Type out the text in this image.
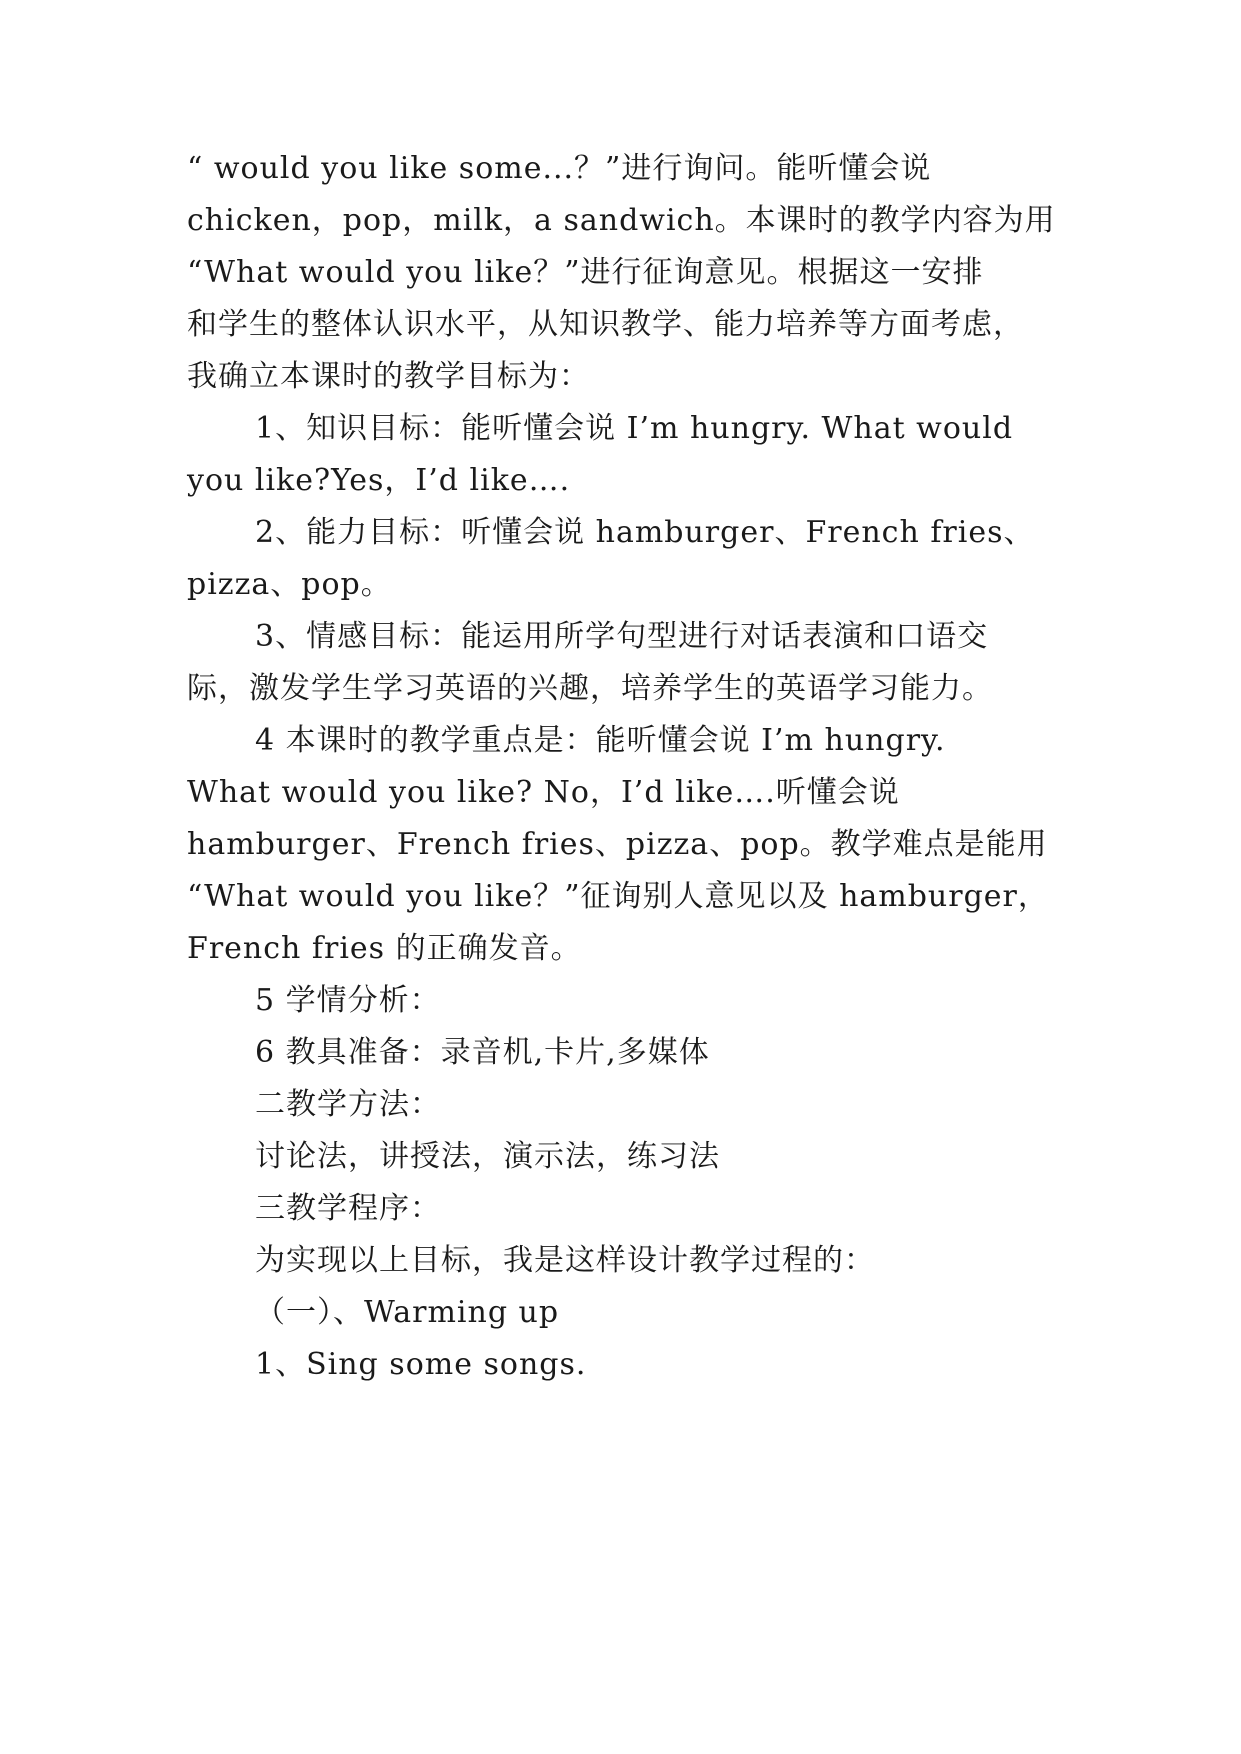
“ would you like some...？”进行询问。能听懂会说
chicken，pop，milk，a sandwich。本课时的教学内容为用
“What would you like？”进行征询意见。根据这一安排
和学生的整体认识水平，从知识教学、能力培养等方面考虑，
我确立本课时的教学目标为：
1、知识目标：能听懂会说 I’m hungry. What would
you like?Yes，I’d like….
2、能力目标：听懂会说 hamburger、French fries、
pizza、pop。
3、情感目标：能运用所学句型进行对话表演和口语交
际，激发学生学习英语的兴趣，培养学生的英语学习能力。
4 本课时的教学重点是：能听懂会说 I’m hungry.
What would you like? No，I’d like….听懂会说
hamburger、French fries、pizza、pop。教学难点是能用
“What would you like？”征询别人意见以及 hamburger，
French fries 的正确发音。
5 学情分析：
6 教具准备：录音机,卡片,多媒体
二教学方法：
讨论法，讲授法，演示法，练习法
三教学程序：
为实现以上目标，我是这样设计教学过程的：
（一）、Warming up
1、Sing some songs.
